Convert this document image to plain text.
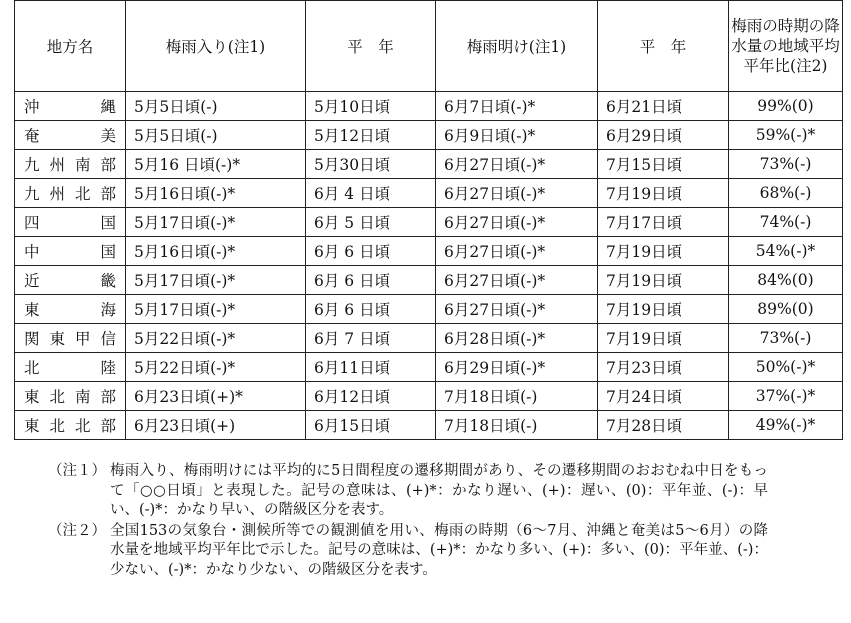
地方名	梅雨入り(注1)	平　年	梅雨明け(注1)	平　年	梅雨の時期の降水量の地域平均平年比(注2)
沖縄	5月5日頃(-)	5月10日頃	6月7日頃(-)*	6月21日頃	99%(0)
奄美	5月5日頃(-)	5月12日頃	6月9日頃(-)*	6月29日頃	59%(-)*
九州南部	5月16 日頃(-)*	5月30日頃	6月27日頃(-)*	7月15日頃	73%(-)
九州北部	5月16日頃(-)*	6月 4 日頃	6月27日頃(-)*	7月19日頃	68%(-)
四国	5月17日頃(-)*	6月 5 日頃	6月27日頃(-)*	7月17日頃	74%(-)
中国	5月16日頃(-)*	6月 6 日頃	6月27日頃(-)*	7月19日頃	54%(-)*
近畿	5月17日頃(-)*	6月 6 日頃	6月27日頃(-)*	7月19日頃	84%(0)
東海	5月17日頃(-)*	6月 6 日頃	6月27日頃(-)*	7月19日頃	89%(0)
関東甲信	5月22日頃(-)*	6月 7 日頃	6月28日頃(-)*	7月19日頃	73%(-)
北陸	5月22日頃(-)*	6月11日頃	6月29日頃(-)*	7月23日頃	50%(-)*
東北南部	6月23日頃(+)*	6月12日頃	7月18日頃(-)	7月24日頃	37%(-)*
東北北部	6月23日頃(+)	6月15日頃	7月18日頃(-)	7月28日頃	49%(-)*
（注１） 梅雨入り、梅雨明けには平均的に5日間程度の遷移期間があり、その遷移期間のおおむね中日をもって「○○日頃」と表現した。記号の意味は、(+)*：かなり遅い、(+)：遅い、(0)：平年並、(-)：早い、(-)*：かなり早い、の階級区分を表す。
（注２） 全国153の気象台・測候所等での観測値を用い、梅雨の時期（6～7月、沖縄と奄美は5～6月）の降水量を地域平均平年比で示した。記号の意味は、(+)*：かなり多い、(+)：多い、(0)：平年並、(-)：少ない、(-)*：かなり少ない、の階級区分を表す。
